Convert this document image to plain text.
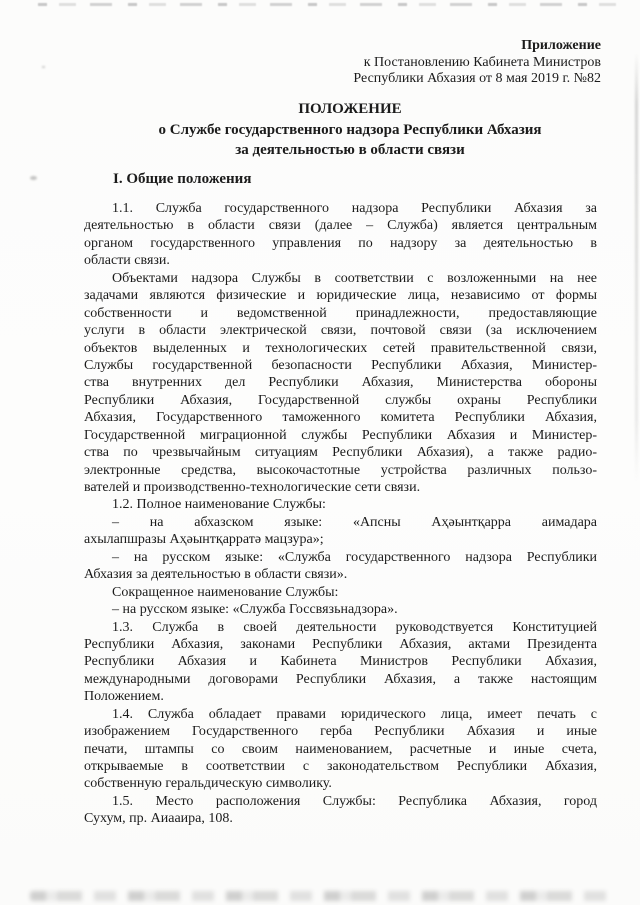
Приложение
к Постановлению Кабинета Министров
Республики Абхазия от 8 мая 2019 г. №82
ПОЛОЖЕНИЕ
о Службе государственного надзора Республики Абхазия
за деятельностью в области связи
I. Общие положения
1.1. Служба государственного надзора Республики Абхазия за
деятельностью в области связи (далее – Служба) является центральным
органом государственного управления по надзору за деятельностью в
области связи.
Объектами надзора Службы в соответствии с возложенными на нее
задачами являются физические и юридические лица, независимо от формы
собственности и ведомственной принадлежности, предоставляющие
услуги в области электрической связи, почтовой связи (за исключением
объектов выделенных и технологических сетей правительственной связи,
Службы государственной безопасности Республики Абхазия, Министер-
ства внутренних дел Республики Абхазия, Министерства обороны
Республики Абхазия, Государственной службы охраны Республики
Абхазия, Государственного таможенного комитета Республики Абхазия,
Государственной миграционной службы Республики Абхазия и Министер-
ства по чрезвычайным ситуациям Республики Абхазия), а также радио-
электронные средства, высокочастотные устройства различных пользо-
вателей и производственно-технологические сети связи.
1.2. Полное наименование Службы:
– на абхазском языке: «Апсны Аҳәынтқарра аимадара
ахылапшразы Аҳәынтқарратә мацзура»;
– на русском языке: «Служба государственного надзора Республики
Абхазия за деятельностью в области связи».
Сокращенное наименование Службы:
– на русском языке: «Служба Госсвязьнадзора».
1.3. Служба в своей деятельности руководствуется Конституцией
Республики Абхазия, законами Республики Абхазия, актами Президента
Республики Абхазия и Кабинета Министров Республики Абхазия,
международными договорами Республики Абхазия, а также настоящим
Положением.
1.4. Служба обладает правами юридического лица, имеет печать с
изображением Государственного герба Республики Абхазия и иные
печати, штампы со своим наименованием, расчетные и иные счета,
открываемые в соответствии с законодательством Республики Абхазия,
собственную геральдическую символику.
1.5. Место расположения Службы: Республика Абхазия, город
Сухум, пр. Аиааира, 108.
